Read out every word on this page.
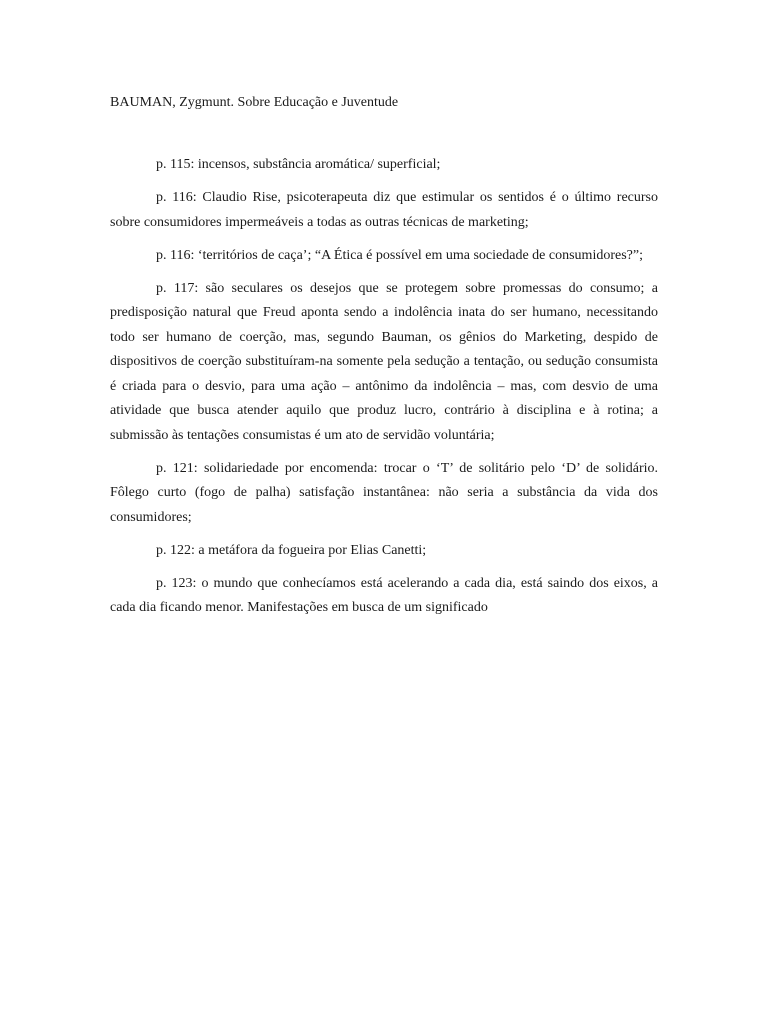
BAUMAN, Zygmunt. Sobre Educação e Juventude

p. 115: incensos, substância aromática/ superficial;

p. 116: Claudio Rise, psicoterapeuta diz que estimular os sentidos é o último recurso sobre consumidores impermeáveis a todas as outras técnicas de marketing;

p. 116: ‘territórios de caça’; “A Ética é possível em uma sociedade de consumidores?”;

p. 117: são seculares os desejos que se protegem sobre promessas do consumo; a predisposição natural que Freud aponta sendo a indolência inata do ser humano, necessitando todo ser humano de coerção, mas, segundo Bauman, os gênios do Marketing, despido de dispositivos de coerção substituíram-na somente pela sedução a tentação, ou sedução consumista é criada para o desvio, para uma ação – antônimo da indolência – mas, com desvio de uma atividade que busca atender aquilo que produz lucro, contrário à disciplina e à rotina; a submissão às tentações consumistas é um ato de servidão voluntária;

p. 121: solidariedade por encomenda: trocar o ‘T’ de solitário pelo ‘D’ de solidário. Fôlego curto (fogo de palha) satisfação instantânea: não seria a substância da vida dos consumidores;

p. 122: a metáfora da fogueira por Elias Canetti;

p. 123: o mundo que conhecíamos está acelerando a cada dia, está saindo dos eixos, a cada dia ficando menor. Manifestações em busca de um significado
